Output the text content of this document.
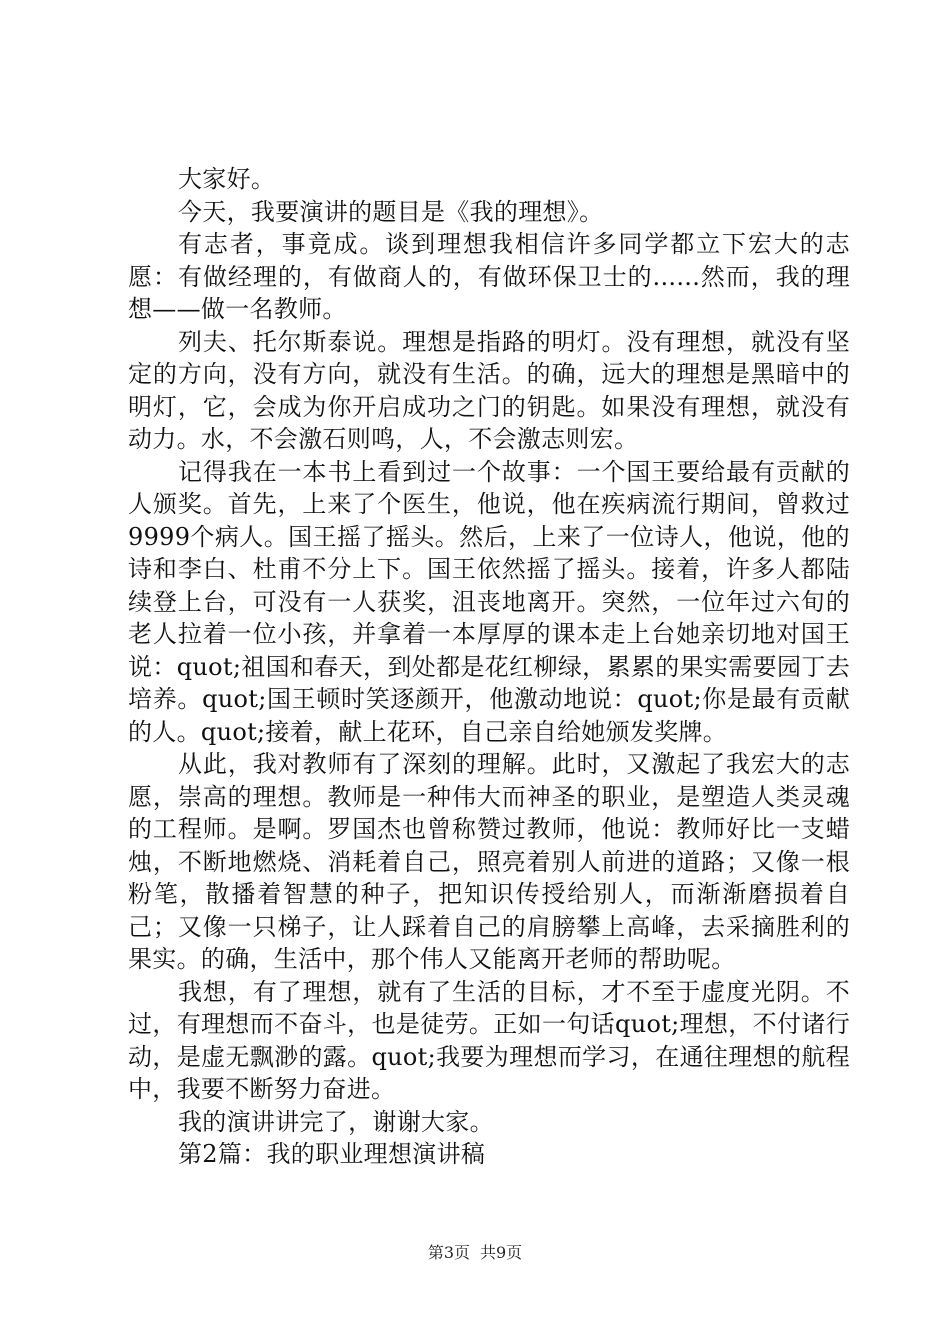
大家好。

今天，我要演讲的题目是《我的理想》。

有志者，事竟成。谈到理想我相信许多同学都立下宏大的志愿：有做经理的，有做商人的，有做环保卫士的......然而，我的理想——做一名教师。

列夫、托尔斯泰说。理想是指路的明灯。没有理想，就没有坚定的方向，没有方向，就没有生活。的确，远大的理想是黑暗中的明灯，它，会成为你开启成功之门的钥匙。如果没有理想，就没有动力。水，不会激石则鸣，人，不会激志则宏。

记得我在一本书上看到过一个故事：一个国王要给最有贡献的人颁奖。首先，上来了个医生，他说，他在疾病流行期间，曾救过9999个病人。国王摇了摇头。然后，上来了一位诗人，他说，他的诗和李白、杜甫不分上下。国王依然摇了摇头。接着，许多人都陆续登上台，可没有一人获奖，沮丧地离开。突然，一位年过六旬的老人拉着一位小孩，并拿着一本厚厚的课本走上台她亲切地对国王说：quot;祖国和春天，到处都是花红柳绿，累累的果实需要园丁去培养。quot;国王顿时笑逐颜开，他激动地说：quot;你是最有贡献的人。quot;接着，献上花环，自己亲自给她颁发奖牌。

从此，我对教师有了深刻的理解。此时，又激起了我宏大的志愿，崇高的理想。教师是一种伟大而神圣的职业，是塑造人类灵魂的工程师。是啊。罗国杰也曾称赞过教师，他说：教师好比一支蜡烛，不断地燃烧、消耗着自己，照亮着别人前进的道路；又像一根粉笔，散播着智慧的种子，把知识传授给别人，而渐渐磨损着自己；又像一只梯子，让人踩着自己的肩膀攀上高峰，去采摘胜利的果实。的确，生活中，那个伟人又能离开老师的帮助呢。

我想，有了理想，就有了生活的目标，才不至于虚度光阴。不过，有理想而不奋斗，也是徒劳。正如一句话quot;理想，不付诸行动，是虚无飘渺的露。quot;我要为理想而学习，在通往理想的航程中，我要不断努力奋进。

我的演讲讲完了，谢谢大家。

第2篇：我的职业理想演讲稿

第3页 共9页
